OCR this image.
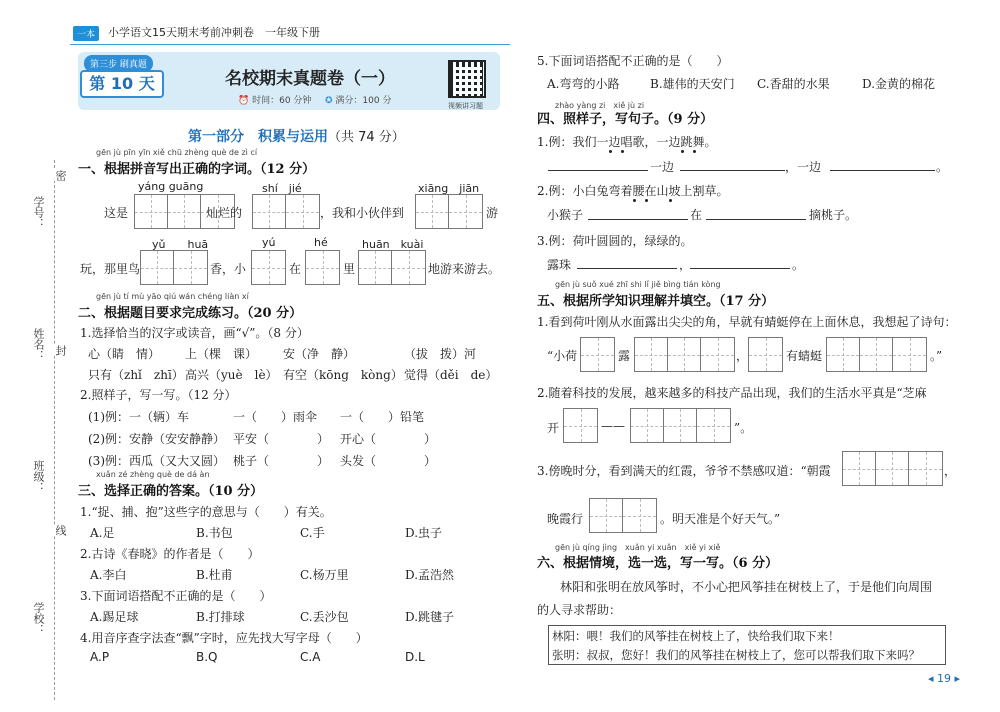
一本	小学语文15天期末考前冲刺卷　一年级下册
第三步 刷真题
第 10 天	名校期末真题卷（一）
⏰ 时间：60 分钟 ✪ 满分：100 分	视频讲习题
学号：
姓名：
班级：
学校：
密
封
线
第一部分　积累与运用（共 74 分）
gēn jù pīn yīn xiě chū zhèng què de zì cí
一、根据拼音写出正确的字词。（12 分）
yáng guāng	shí　jié	xiāng　jiān
这是	灿烂的	，我和小伙伴到	游
yǔ　　huā	yú	hé	huān　kuài
玩，那里鸟	香，小	在	里	地游来游去。
gēn jù tí mù yāo qiú wán chéng liàn xí
二、根据题目要求完成练习。（20 分）
1.选择恰当的汉字或读音，画“√”。（8 分）
心（睛　情） 上（棵　课） 安（净　静）	（拔　拨）河
只有（zhǐ　zhī） 高兴（yuè　lè） 有空（kōng　kòng） 觉得（děi　de）
2.照样子，写一写。（12 分）
(1)例：一（辆）车	一（　　）雨伞 一（　　）铅笔
(2)例：安静（安安静静） 平安（　　　　） 开心（　　　　）
(3)例：西瓜（又大又圆） 桃子（　　　　） 头发（　　　　）
xuǎn zé zhèng què de dá àn
三、选择正确的答案。（10 分）
1.“捉、捕、抱”这些字的意思与（　　）有关。
A.足	B.书包	C.手	D.虫子
2.古诗《春晓》的作者是（　　）
A.李白	B.杜甫	C.杨万里	D.孟浩然
3.下面词语搭配不正确的是（　　）
A.踢足球	B.打排球	C.丢沙包	D.跳毽子
4.用音序查字法查“飘”字时，应先找大写字母（　　）
A.P	B.Q	C.A	D.L
5.下面词语搭配不正确的是（　　）
A.弯弯的小路	B.雄伟的天安门 C.香甜的水果	D.金黄的棉花
zhào yàng zi　xiě jù zi
四、照样子，写句子。（9 分）
1.例：我们一边唱歌，一边跳舞。
一边	，一边	。
2.例：小白兔弯着腰在山坡上割草。
小猴子	在	摘桃子。
3.例：荷叶圆圆的，绿绿的。
露珠	，	。
gēn jù suǒ xué zhī shi lǐ jiě bìng tián kòng
五、根据所学知识理解并填空。（17 分）
1.看到荷叶刚从水面露出尖尖的角，早就有蜻蜓停在上面休息，我想起了诗句：
“小荷	露	，	有蜻蜓	。”
2.随着科技的发展，越来越多的科技产品出现，我们的生活水平真是“芝麻
开	——	”。
3.傍晚时分，看到满天的红霞，爷爷不禁感叹道：“朝霞	，
晚霞行	。明天准是个好天气。”
gēn jù qíng jìng　xuǎn yi xuǎn　xiě yi xiě
六、根据情境，选一选，写一写。（6 分）
林阳和张明在放风筝时，不小心把风筝挂在树枝上了，于是他们向周围
的人寻求帮助：
林阳：喂！我们的风筝挂在树枝上了，快给我们取下来！
张明：叔叔，您好！我们的风筝挂在树枝上了，您可以帮我们取下来吗？
◂ 19 ▸
